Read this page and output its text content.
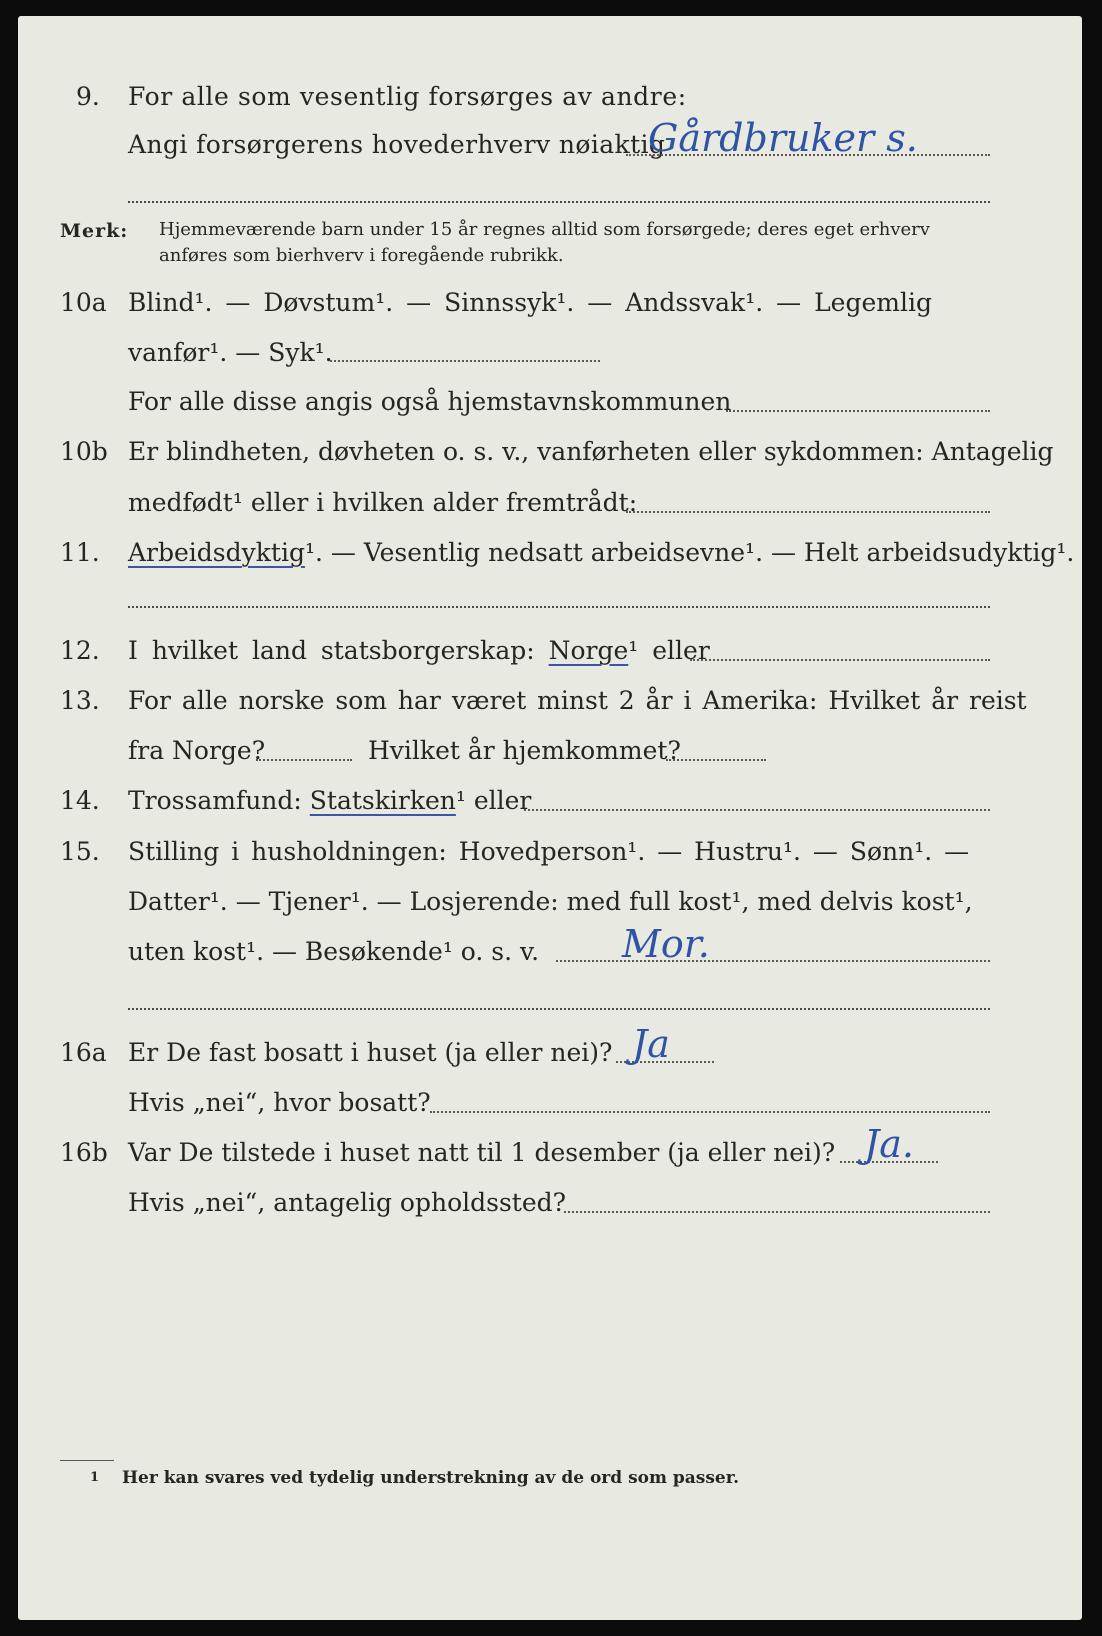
9. For alle som vesentlig forsørges av andre:
Angi forsørgerens hovederhverv nøiaktig
Gårdbruker s.
Merk: Hjemmeværende barn under 15 år regnes alltid som forsørgede; deres eget erhverv
anføres som bierhverv i foregående rubrikk.
10a Blind¹. — Døvstum¹. — Sinnssyk¹. — Andssvak¹. — Legemlig
vanfør¹. — Syk¹.
For alle disse angis også hjemstavnskommunen
10b Er blindheten, døvheten o. s. v., vanførheten eller sykdommen: Antagelig
medfødt¹ eller i hvilken alder fremtrådt:
11. Arbeidsdyktig¹. — Vesentlig nedsatt arbeidsevne¹. — Helt arbeidsudyktig¹.
12. I hvilket land statsborgerskap: Norge¹ eller
13. For alle norske som har været minst 2 år i Amerika: Hvilket år reist
fra Norge?	Hvilket år hjemkommet?
14. Trossamfund: Statskirken¹ eller
15. Stilling i husholdningen: Hovedperson¹. — Hustru¹. — Sønn¹. —
Datter¹. — Tjener¹. — Losjerende: med full kost¹, med delvis kost¹,
uten kost¹. — Besøkende¹ o. s. v. Mor.
16a Er De fast bosatt i huset (ja eller nei)? Ja
Hvis „nei“, hvor bosatt?
16b Var De tilstede i huset natt til 1 desember (ja eller nei)? Ja.
Hvis „nei“, antagelig opholdssted?
1 Her kan svares ved tydelig understrekning av de ord som passer.
